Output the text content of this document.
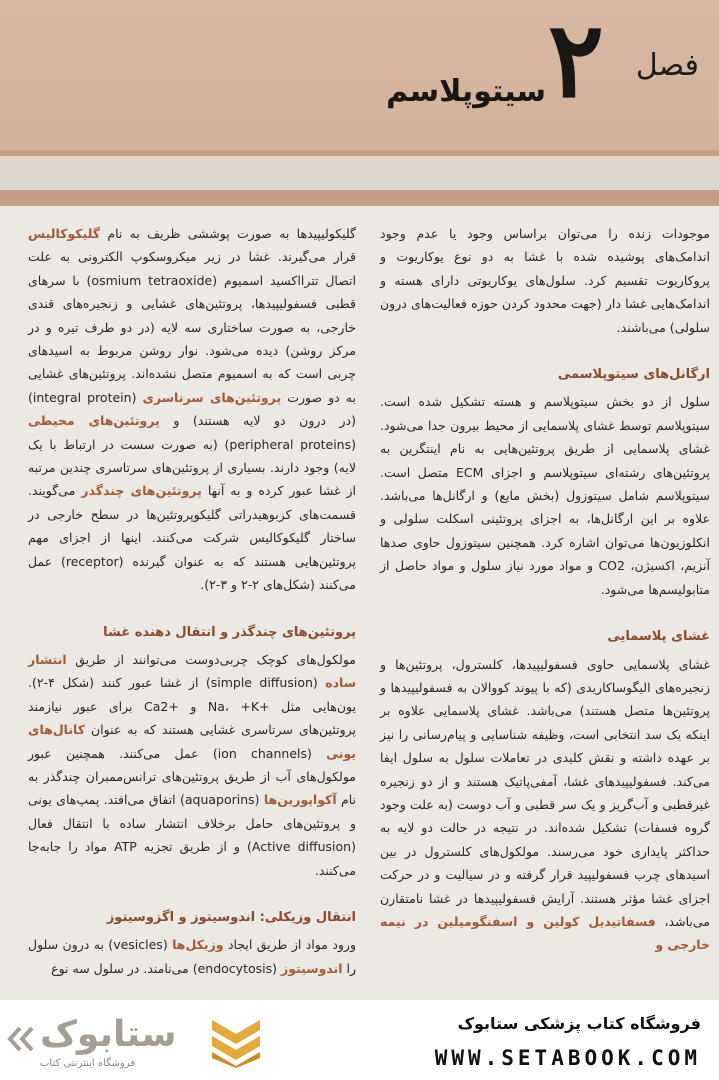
فصل
۲
سیتوپلاسم

موجودات زنده را می‌توان براساس وجود یا عدم وجود اندامک‌های پوشیده شده با غشا به دو نوع یوکاریوت و پروکاریوت تقسیم کرد. سلول‌های یوکاریوتی دارای هسته و اندامک‌هایی غشا دار (جهت محدود کردن حوزه فعالیت‌های درون سلولی) می‌باشند.

ارگانل‌های سیتوپلاسمی

سلول از دو بخش سیتوپلاسم و هسته تشکیل شده است. سیتوپلاسم توسط غشای پلاسمایی از محیط بیرون جدا می‌شود. غشای پلاسمایی از طریق پروتئین‌هایی به نام اینتگرین به پروتئین‌های رشته‌ای سیتوپلاسم و اجزای ECM متصل است. سیتوپلاسم شامل سیتوزول (بخش مایع) و ارگانل‌ها می‌باشد. علاوه بر این ارگانل‌ها، به اجزای پروتئینی اسکلت سلولی و انکلوزیون‌ها می‌توان اشاره کرد. همچنین سیتوزول حاوی صدها آنزیم، اکسیژن، CO2 و مواد مورد نیاز سلول و مواد حاصل از متابولیسم‌ها می‌شود.

غشای پلاسمایی

غشای پلاسمایی حاوی فسفولیپیدها، کلسترول، پروتئین‌ها و زنجیره‌های الیگوساکاریدی (که با پیوند کووالان به فسفولیپیدها و پروتئین‌ها متصل هستند) می‌باشد. غشای پلاسمایی علاوه بر اینکه یک سد انتخابی است، وظیفه شناسایی و پیام‌رسانی را نیز بر عهده داشته و نقش کلیدی در تعاملات سلول به سلول ایفا می‌کند. فسفولیپیدهای غشا، آمفی‌پاتیک هستند و از دو زنجیره غیرقطبی و آب‌گریز و یک سر قطبی و آب دوست (به علت وجود گروه فسفات) تشکیل شده‌اند. در نتیجه در حالت دو لایه به حداکثر پایداری خود می‌رسند. مولکول‌های کلسترول در بین اسیدهای چرب فسفولیپید قرار گرفته و در سیالیت و در حرکت اجزای غشا مؤثر هستند. آرایش فسفولیپیدها در غشا نامتقارن می‌باشد، فسفاتیدیل کولین و اسفنگومیلین در نیمه خارجی و

گلیکولیپیدها به صورت پوششی ظریف به نام گلیکوکالیس قرار می‌گیرند. غشا در زیر میکروسکوپ الکترونی به علت اتصال تترااکسید اسمیوم (osmium tetraoxide) با سرهای قطبی فسفولیپیدها، پروتئین‌های غشایی و زنجیره‌های قندی خارجی، به صورت ساختاری سه لایه (در دو طرف تیره و در مرکز روشن) دیده می‌شود. نوار روشن مربوط به اسیدهای چربی است که به اسمیوم متصل نشده‌اند. پروتئین‌های غشایی به دو صورت پروتئین‌های سرتاسری (integral protein) (در درون دو لایه هستند) و پروتئین‌های محیطی (peripheral proteins) (به صورت سست در ارتباط با یک لایه) وجود دارند. بسیاری از پروتئین‌های سرتاسری چندین مرتبه از غشا عبور کرده و به آنها پروتئین‌های چندگذر می‌گویند. قسمت‌های کربوهیدراتی گلیکوپروتئین‌ها در سطح خارجی در ساختار گلیکوکالیس شرکت می‌کنند. اینها از اجزای مهم پروتئین‌هایی هستند که به عنوان گیرنده (receptor) عمل می‌کنند (شکل‌های ۲-۲ و ۳-۲).

پروتئین‌های چندگذر و انتقال دهنده غشا

مولکول‌های کوچک چربی‌دوست می‌توانند از طریق انتشار ساده (simple diffusion) از غشا عبور کنند (شکل ۴-۲). یون‌هایی مثل +Na، +K و +Ca2 برای عبور نیازمند پروتئین‌های سرتاسری غشایی هستند که به عنوان کانال‌های یونی (ion channels) عمل می‌کنند. همچنین عبور مولکول‌های آب از طریق پروتئین‌های ترانس‌ممبران چندگذر به نام آکواپورین‌ها (aquaporins) اتفاق می‌افتد. پمپ‌های یونی و پروتئین‌های حامل برخلاف انتشار ساده با انتقال فعال (Active diffusion) و از طریق تجزیه ATP مواد را جابه‌جا می‌کنند.

انتقال وزیکلی: اندوسیتوز و اگزوسیتوز

ورود مواد از طریق ایجاد وزیکل‌ها (vesicles) به درون سلول را اندوسیتوز (endocytosis) می‌نامند. در سلول سه نوع

فروشگاه کتاب پزشکی ستابوک
WWW.SETABOOK.COM
ستابوک
فروشگاه اینترنتی کتاب
